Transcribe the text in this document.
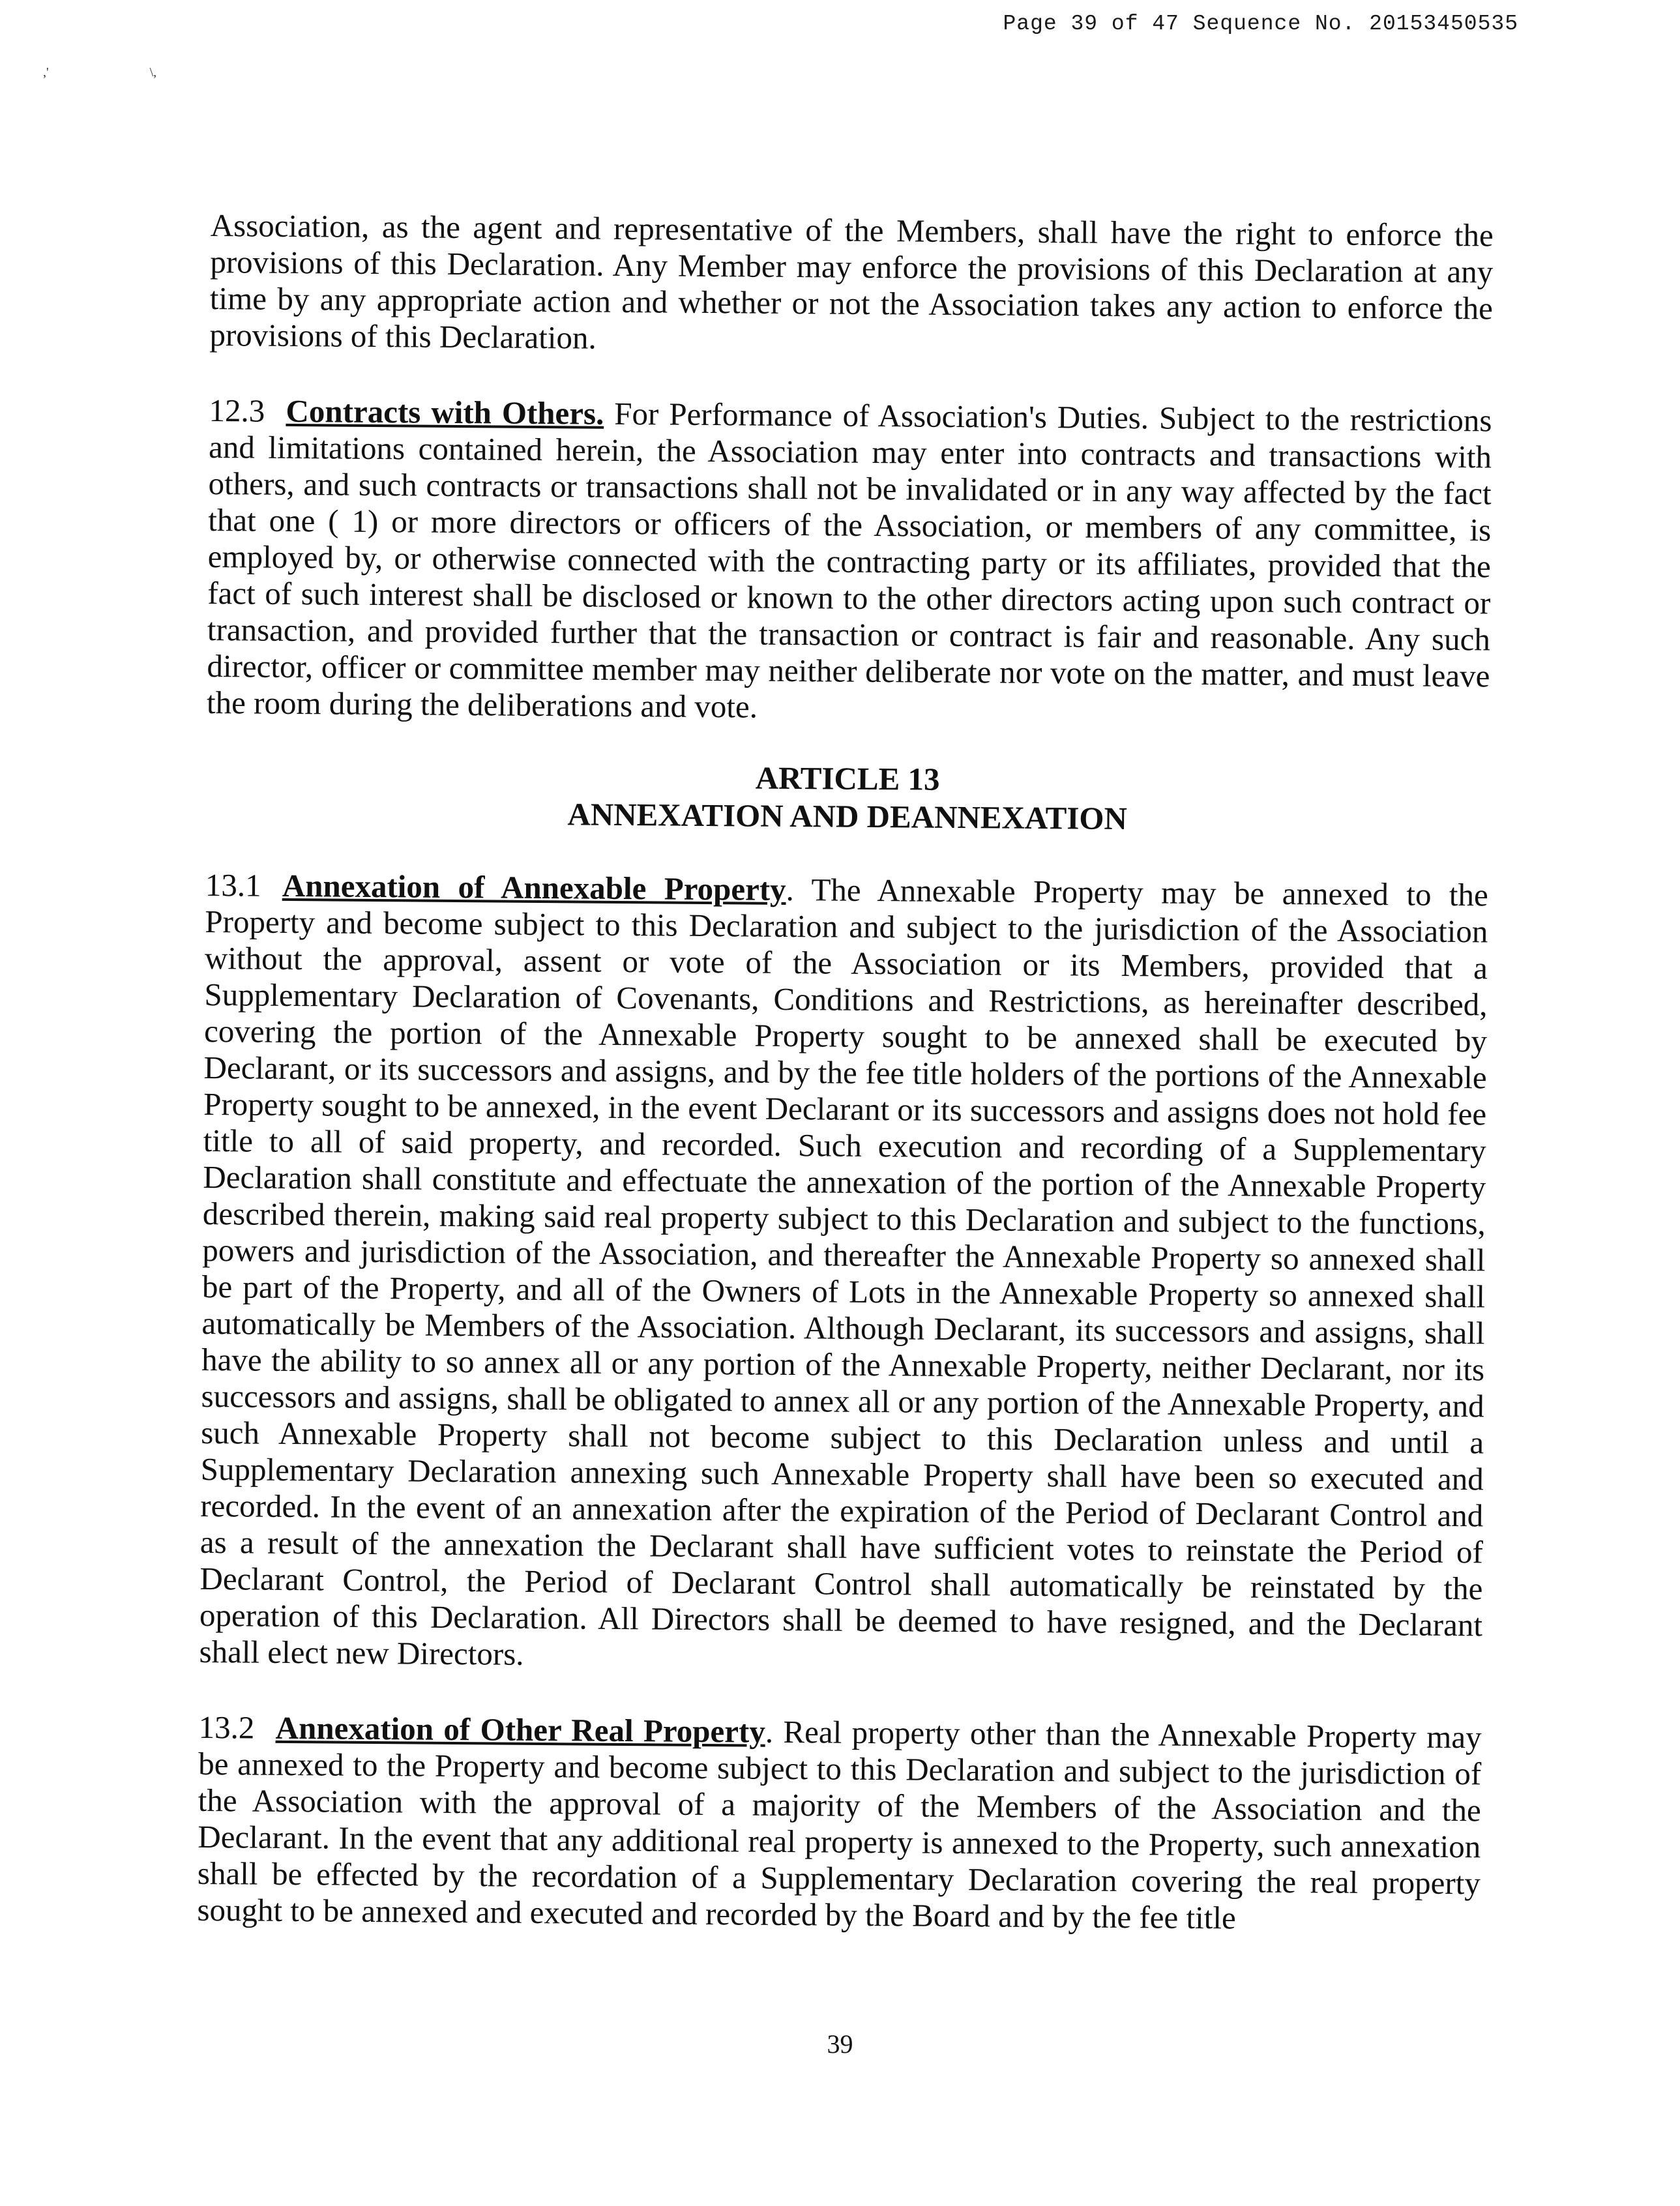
Page 39 of 47 Sequence No. 20153450535
,'	\,

Association, as the agent and representative of the Members, shall have the right to enforce the provisions of this Declaration. Any Member may enforce the provisions of this Declaration at any time by any appropriate action and whether or not the Association takes any action to enforce the provisions of this Declaration.

12.3 Contracts with Others. For Performance of Association's Duties. Subject to the restrictions and limitations contained herein, the Association may enter into contracts and transactions with others, and such contracts or transactions shall not be invalidated or in any way affected by the fact that one ( 1) or more directors or officers of the Association, or members of any committee, is employed by, or otherwise connected with the contracting party or its affiliates, provided that the fact of such interest shall be disclosed or known to the other directors acting upon such contract or transaction, and provided further that the transaction or contract is fair and reasonable. Any such director, officer or committee member may neither deliberate nor vote on the matter, and must leave the room during the deliberations and vote.

ARTICLE 13
ANNEXATION AND DEANNEXATION

13.1 Annexation of Annexable Property. The Annexable Property may be annexed to the Property and become subject to this Declaration and subject to the jurisdiction of the Association without the approval, assent or vote of the Association or its Members, provided that a Supplementary Declaration of Covenants, Conditions and Restrictions, as hereinafter described, covering the portion of the Annexable Property sought to be annexed shall be executed by Declarant, or its successors and assigns, and by the fee title holders of the portions of the Annexable Property sought to be annexed, in the event Declarant or its successors and assigns does not hold fee title to all of said property, and recorded. Such execution and recording of a Supplementary Declaration shall constitute and effectuate the annexation of the portion of the Annexable Property described therein, making said real property subject to this Declaration and subject to the functions, powers and jurisdiction of the Association, and thereafter the Annexable Property so annexed shall be part of the Property, and all of the Owners of Lots in the Annexable Property so annexed shall automatically be Members of the Association. Although Declarant, its successors and assigns, shall have the ability to so annex all or any portion of the Annexable Property, neither Declarant, nor its successors and assigns, shall be obligated to annex all or any portion of the Annexable Property, and such Annexable Property shall not become subject to this Declaration unless and until a Supplementary Declaration annexing such Annexable Property shall have been so executed and recorded. In the event of an annexation after the expiration of the Period of Declarant Control and as a result of the annexation the Declarant shall have sufficient votes to reinstate the Period of Declarant Control, the Period of Declarant Control shall automatically be reinstated by the operation of this Declaration. All Directors shall be deemed to have resigned, and the Declarant shall elect new Directors.

13.2 Annexation of Other Real Property. Real property other than the Annexable Property may be annexed to the Property and become subject to this Declaration and subject to the jurisdiction of the Association with the approval of a majority of the Members of the Association and the Declarant. In the event that any additional real property is annexed to the Property, such annexation shall be effected by the recordation of a Supplementary Declaration covering the real property sought to be annexed and executed and recorded by the Board and by the fee title

39
